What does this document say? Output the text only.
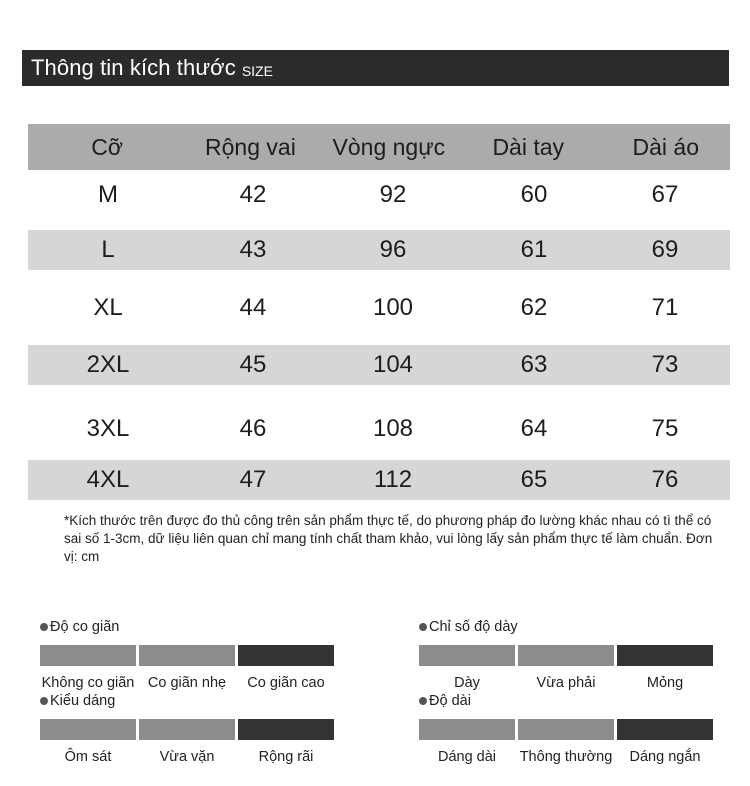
Thông tin kích thước SIZE
Cỡ	Rộng vai	Vòng ngực	Dài tay	Dài áo
M	42	92	60	67
L	43	96	61	69
XL	44	100	62	71
2XL	45	104	63	73
3XL	46	108	64	75
4XL	47	112	65	76
*Kích thước trên được đo thủ công trên sản phẩm thực tế, do phương pháp đo lường khác nhau có tì thể có sai số 1-3cm, dữ liệu liên quan chỉ mang tính chất tham khảo, vui lòng lấy sản phẩm thực tế làm chuẩn. Đơn vị: cm
Độ co giãn
Không co giãn Co giãn nhẹ	Co giãn cao
Chỉ số độ dày
Dày	Vừa phải	Mỏng
Kiểu dáng
Ôm sát	Vừa vặn	Rộng rãi
Độ dài
Dáng dài	Thông thường	Dáng ngắn
